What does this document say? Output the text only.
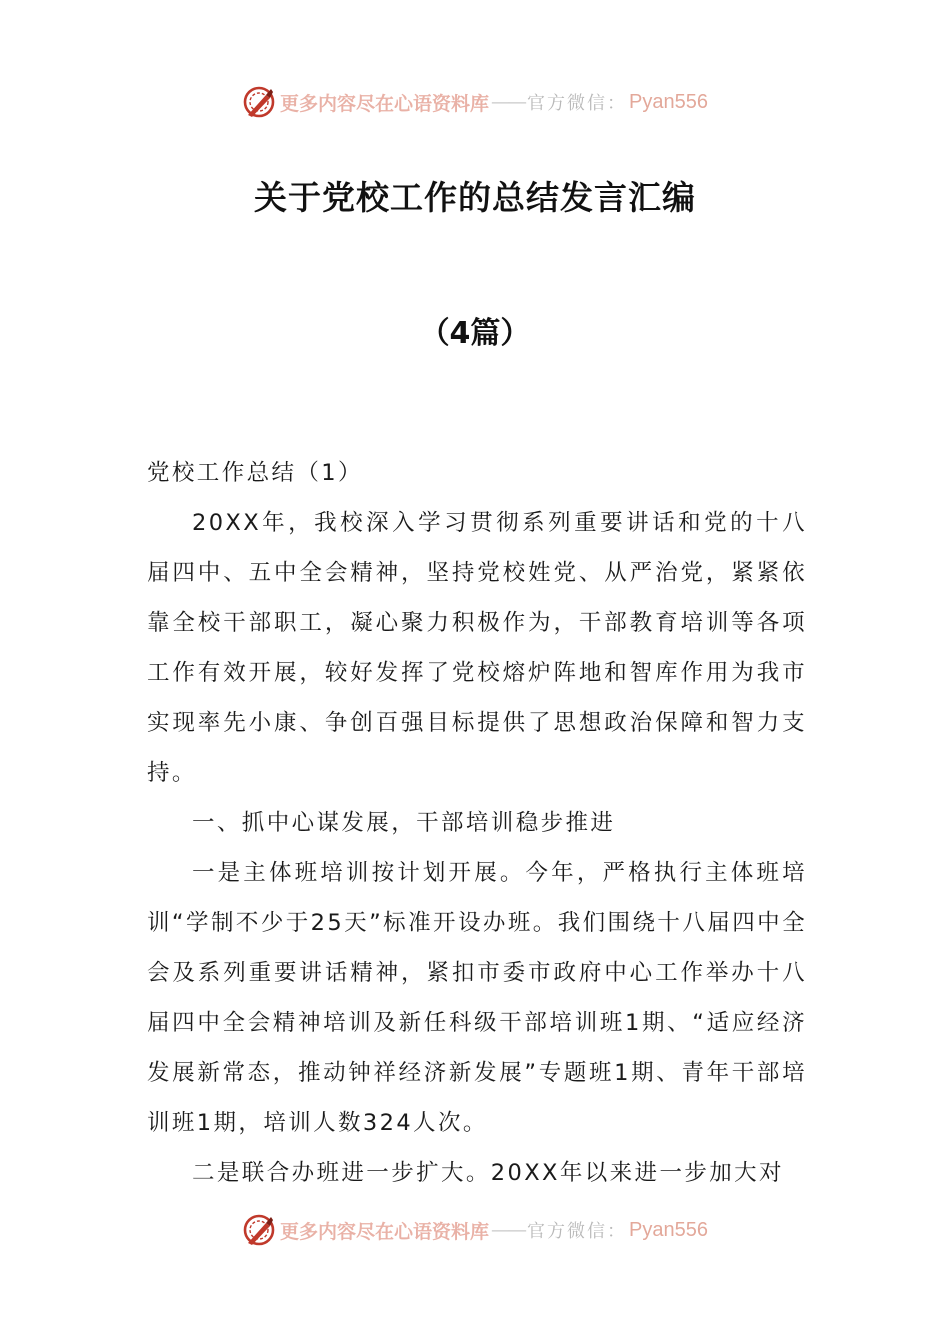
更多内容尽在心语资料库 —— 官方微信： Pyan556
关于党校工作的总结发言汇编
（4篇）

党校工作总结（1）

20XX年，我校深入学习贯彻系列重要讲话和党的十八届四中、五中全会精神，坚持党校姓党、从严治党，紧紧依靠全校干部职工，凝心聚力积极作为，干部教育培训等各项工作有效开展，较好发挥了党校熔炉阵地和智库作用为我市实现率先小康、争创百强目标提供了思想政治保障和智力支持。

一、抓中心谋发展，干部培训稳步推进

一是主体班培训按计划开展。今年，严格执行主体班培训“学制不少于25天”标准开设办班。我们围绕十八届四中全会及系列重要讲话精神，紧扣市委市政府中心工作举办十八届四中全会精神培训及新任科级干部培训班1期、“适应经济发展新常态，推动钟祥经济新发展”专题班1期、青年干部培训班1期，培训人数324人次。

二是联合办班进一步扩大。20XX年以来进一步加大对

更多内容尽在心语资料库 —— 官方微信： Pyan556
